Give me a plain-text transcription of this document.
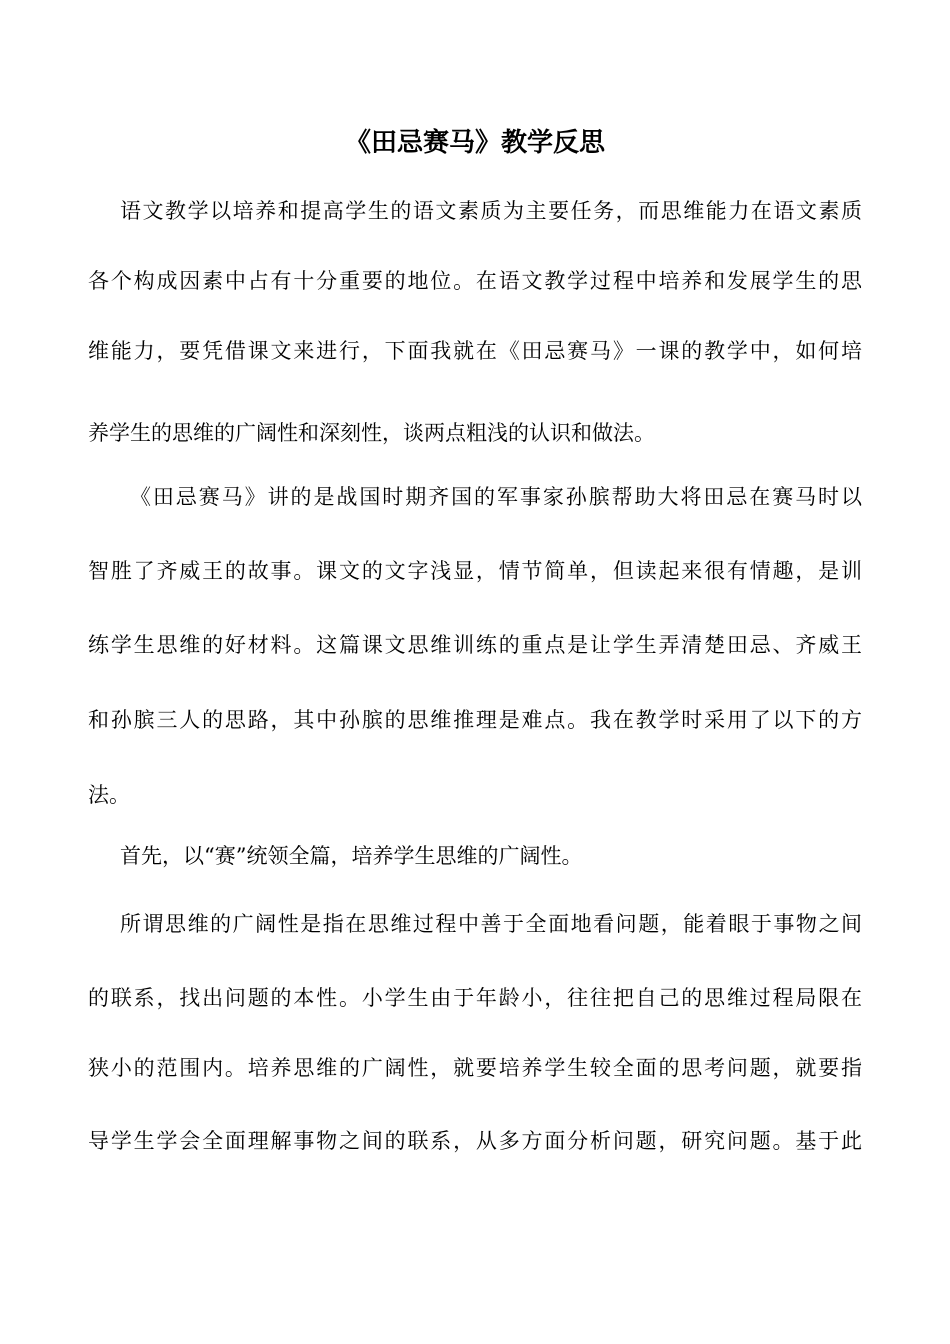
《田忌赛马》教学反思
语文教学以培养和提高学生的语文素质为主要任务，而思维能力在语文素质
各个构成因素中占有十分重要的地位。在语文教学过程中培养和发展学生的思
维能力，要凭借课文来进行，下面我就在《田忌赛马》一课的教学中，如何培
养学生的思维的广阔性和深刻性，谈两点粗浅的认识和做法。
《田忌赛马》讲的是战国时期齐国的军事家孙膑帮助大将田忌在赛马时以
智胜了齐威王的故事。课文的文字浅显，情节简单，但读起来很有情趣，是训
练学生思维的好材料。这篇课文思维训练的重点是让学生弄清楚田忌、齐威王
和孙膑三人的思路，其中孙膑的思维推理是难点。我在教学时采用了以下的方
法。
首先，以“赛”统领全篇，培养学生思维的广阔性。
所谓思维的广阔性是指在思维过程中善于全面地看问题，能着眼于事物之间
的联系，找出问题的本性。小学生由于年龄小，往往把自己的思维过程局限在
狭小的范围内。培养思维的广阔性，就要培养学生较全面的思考问题，就要指
导学生学会全面理解事物之间的联系，从多方面分析问题，研究问题。基于此
